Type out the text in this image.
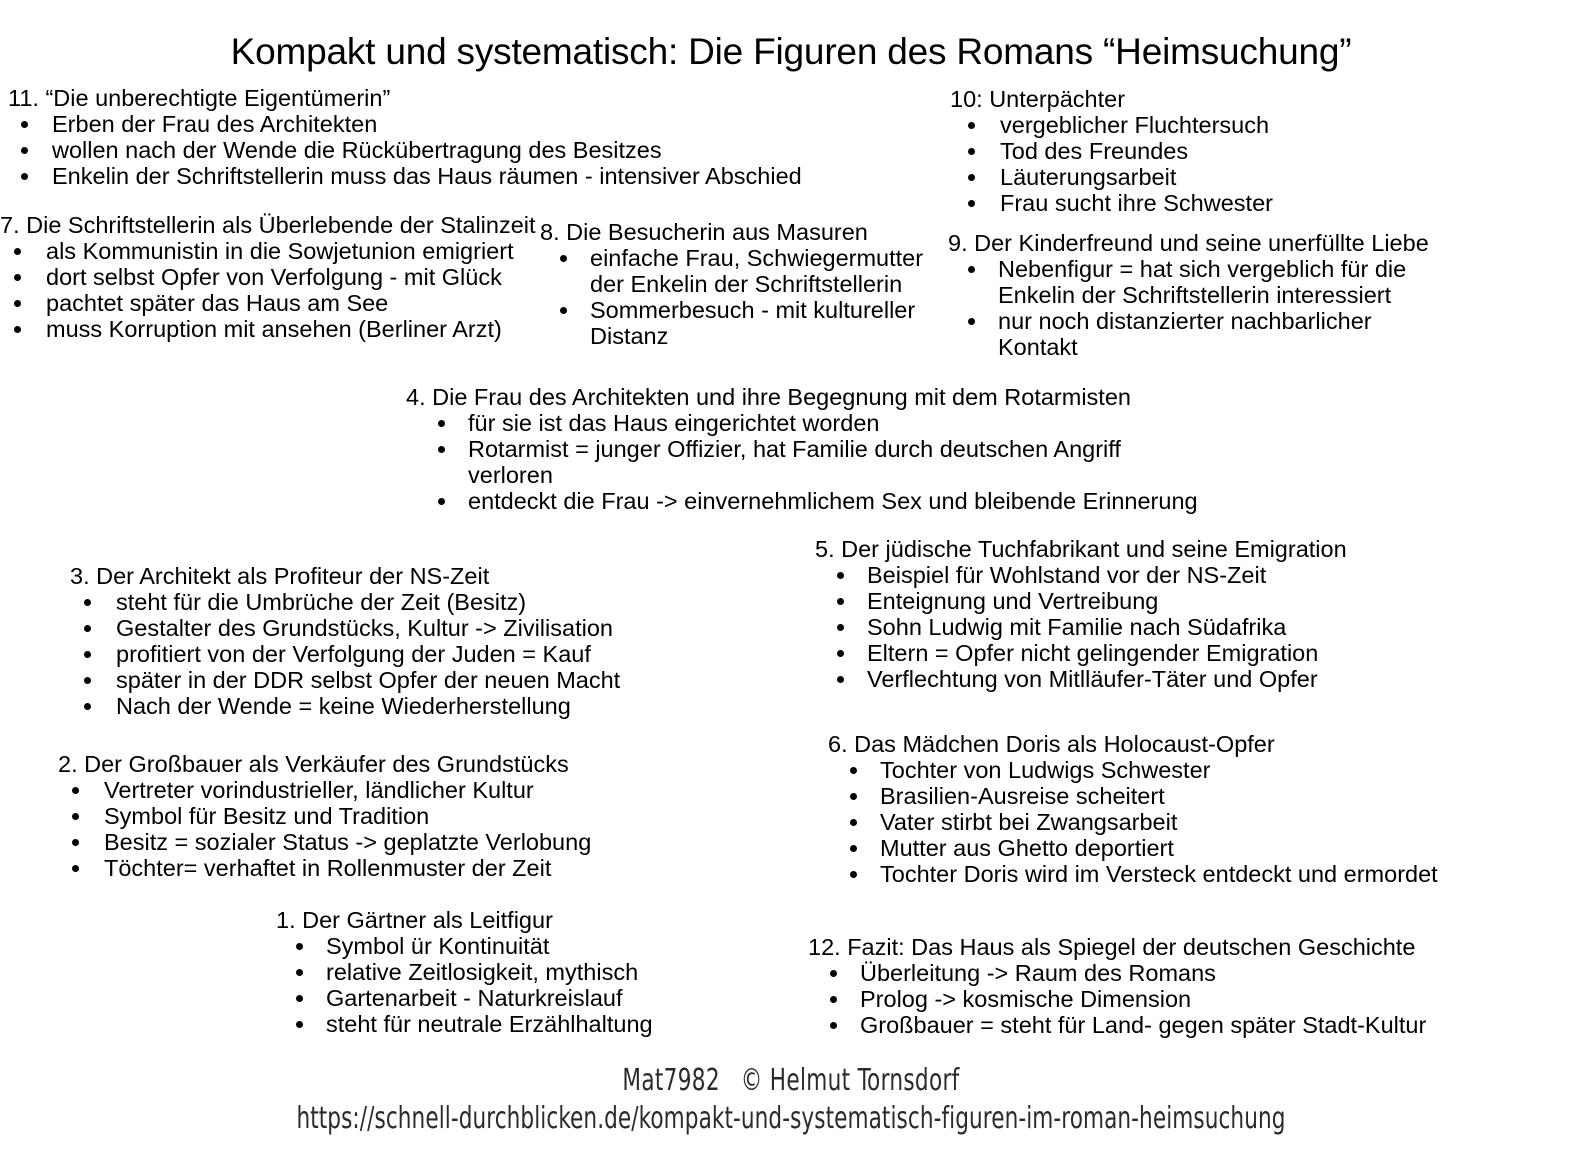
Kompakt und systematisch: Die Figuren des Romans “Heimsuchung”
11. “Die unberechtigte Eigentümerin”
Erben der Frau des Architekten
wollen nach der Wende die Rückübertragung des Besitzes
Enkelin der Schriftstellerin muss das Haus räumen - intensiver Abschied
10: Unterpächter
vergeblicher Fluchtersuch
Tod des Freundes
Läuterungsarbeit
Frau sucht ihre Schwester
7. Die Schriftstellerin als Überlebende der Stalinzeit
als Kommunistin in die Sowjetunion emigriert
dort selbst Opfer von Verfolgung - mit Glück
pachtet später das Haus am See
muss Korruption mit ansehen (Berliner Arzt)
8. Die Besucherin aus Masuren
einfache Frau, Schwiegermutter der Enkelin der Schriftstellerin
Sommerbesuch - mit kultureller Distanz
9. Der Kinderfreund und seine unerfüllte Liebe
Nebenfigur = hat sich vergeblich für die Enkelin der Schriftstellerin interessiert
nur noch distanzierter nachbarlicher Kontakt
4. Die Frau des Architekten und ihre Begegnung mit dem Rotarmisten
für sie ist das Haus eingerichtet worden
Rotarmist = junger Offizier, hat Familie durch deutschen Angriff verloren
entdeckt die Frau -> einvernehmlichem Sex und bleibende Erinnerung
3. Der Architekt als Profiteur der NS-Zeit
steht für die Umbrüche der Zeit (Besitz)
Gestalter des Grundstücks, Kultur -> Zivilisation
profitiert von der Verfolgung der Juden = Kauf
später in der DDR selbst Opfer der neuen Macht
Nach der Wende = keine Wiederherstellung
5. Der jüdische Tuchfabrikant und seine Emigration
Beispiel für Wohlstand vor der NS-Zeit
Enteignung und Vertreibung
Sohn Ludwig mit Familie nach Südafrika
Eltern = Opfer nicht gelingender Emigration
Verflechtung von Mitlläufer-Täter und Opfer
2. Der Großbauer als Verkäufer des Grundstücks
Vertreter vorindustrieller, ländlicher Kultur
Symbol für Besitz und Tradition
Besitz = sozialer Status -> geplatzte Verlobung
Töchter= verhaftet in Rollenmuster der Zeit
6. Das Mädchen Doris als Holocaust-Opfer
Tochter von Ludwigs Schwester
Brasilien-Ausreise scheitert
Vater stirbt bei Zwangsarbeit
Mutter aus Ghetto deportiert
Tochter Doris wird im Versteck entdeckt und ermordet
1. Der Gärtner als Leitfigur
Symbol ür Kontinuität
relative Zeitlosigkeit, mythisch
Gartenarbeit - Naturkreislauf
steht für neutrale Erzählhaltung
12. Fazit: Das Haus als Spiegel der deutschen Geschichte
Überleitung -> Raum des Romans
Prolog -> kosmische Dimension
Großbauer = steht für Land- gegen später Stadt-Kultur
Mat7982 © Helmut Tornsdorf
https://schnell-durchblicken.de/kompakt-und-systematisch-figuren-im-roman-heimsuchung
